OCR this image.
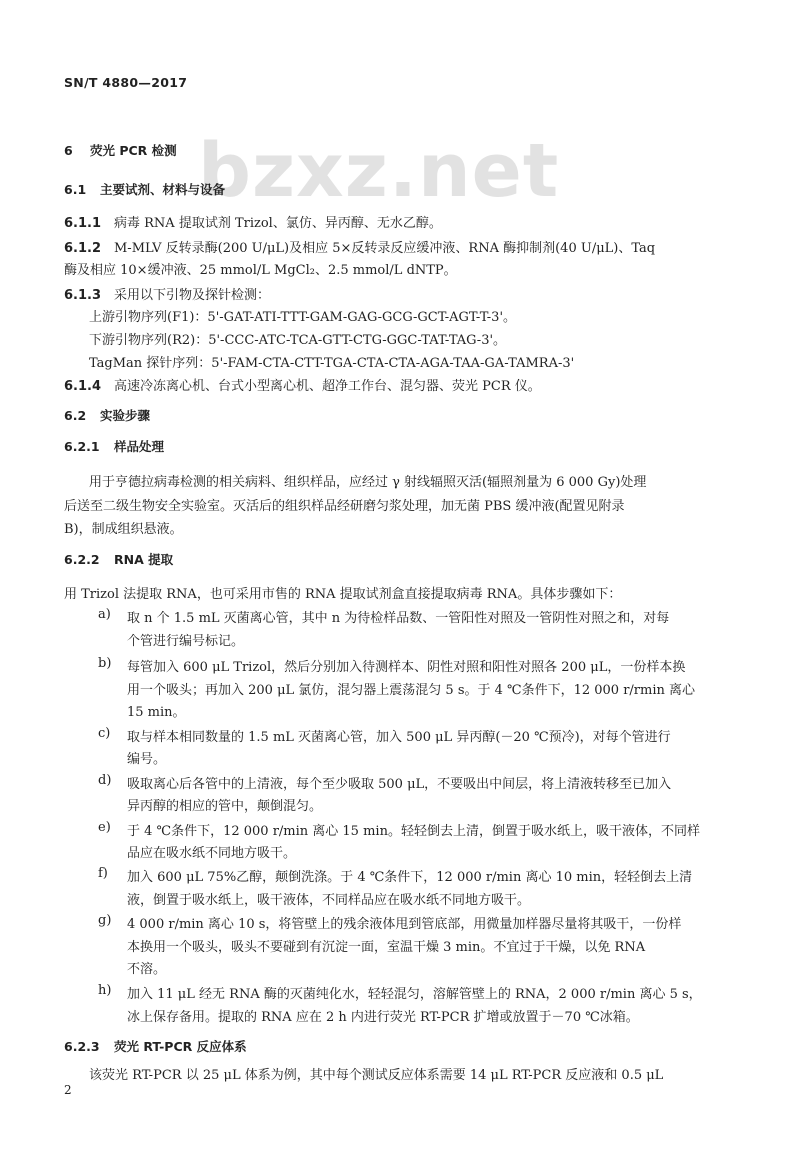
SN/T 4880—2017
bzxz.net
6 荧光 PCR 检测
6.1 主要试剂、材料与设备
6.1.1 病毒 RNA 提取试剂 Trizol、氯仿、异丙醇、无水乙醇。
6.1.2 M-MLV 反转录酶(200 U/μL)及相应 5×反转录反应缓冲液、RNA 酶抑制剂(40 U/μL)、Taq
酶及相应 10×缓冲液、25 mmol/L MgCl₂、2.5 mmol/L dNTP。
6.1.3 采用以下引物及探针检测：
上游引物序列(F1)：5'-GAT-ATI-TTT-GAM-GAG-GCG-GCT-AGT-T-3'。
下游引物序列(R2)：5'-CCC-ATC-TCA-GTT-CTG-GGC-TAT-TAG-3'。
TagMan 探针序列：5'-FAM-CTA-CTT-TGA-CTA-CTA-AGA-TAA-GA-TAMRA-3'
6.1.4 高速冷冻离心机、台式小型离心机、超净工作台、混匀器、荧光 PCR 仪。
6.2 实验步骤
6.2.1 样品处理
用于亨德拉病毒检测的相关病料、组织样品，应经过 γ 射线辐照灭活(辐照剂量为 6 000 Gy)处理
后送至二级生物安全实验室。灭活后的组织样品经研磨匀浆处理，加无菌 PBS 缓冲液(配置见附录
B)，制成组织悬液。
6.2.2 RNA 提取
用 Trizol 法提取 RNA，也可采用市售的 RNA 提取试剂盒直接提取病毒 RNA。具体步骤如下：
a) 取 n 个 1.5 mL 灭菌离心管，其中 n 为待检样品数、一管阳性对照及一管阴性对照之和，对每
个管进行编号标记。
b) 每管加入 600 μL Trizol，然后分别加入待测样本、阴性对照和阳性对照各 200 μL，一份样本换
用一个吸头；再加入 200 μL 氯仿，混匀器上震荡混匀 5 s。于 4 ℃条件下，12 000 r/rmin 离心
15 min。
c) 取与样本相同数量的 1.5 mL 灭菌离心管，加入 500 μL 异丙醇(－20 ℃预冷)，对每个管进行
编号。
d) 吸取离心后各管中的上清液，每个至少吸取 500 μL，不要吸出中间层，将上清液转移至已加入
异丙醇的相应的管中，颠倒混匀。
e) 于 4 ℃条件下，12 000 r/min 离心 15 min。轻轻倒去上清，倒置于吸水纸上，吸干液体，不同样
品应在吸水纸不同地方吸干。
f) 加入 600 μL 75%乙醇，颠倒洗涤。于 4 ℃条件下，12 000 r/min 离心 10 min，轻轻倒去上清
液，倒置于吸水纸上，吸干液体，不同样品应在吸水纸不同地方吸干。
g) 4 000 r/min 离心 10 s，将管壁上的残余液体甩到管底部，用微量加样器尽量将其吸干，一份样
本换用一个吸头，吸头不要碰到有沉淀一面，室温干燥 3 min。不宜过于干燥，以免 RNA
不溶。
h) 加入 11 μL 经无 RNA 酶的灭菌纯化水，轻轻混匀，溶解管壁上的 RNA，2 000 r/min 离心 5 s，
冰上保存备用。提取的 RNA 应在 2 h 内进行荧光 RT-PCR 扩增或放置于－70 ℃冰箱。
6.2.3 荧光 RT-PCR 反应体系
该荧光 RT-PCR 以 25 μL 体系为例，其中每个测试反应体系需要 14 μL RT-PCR 反应液和 0.5 μL
2
